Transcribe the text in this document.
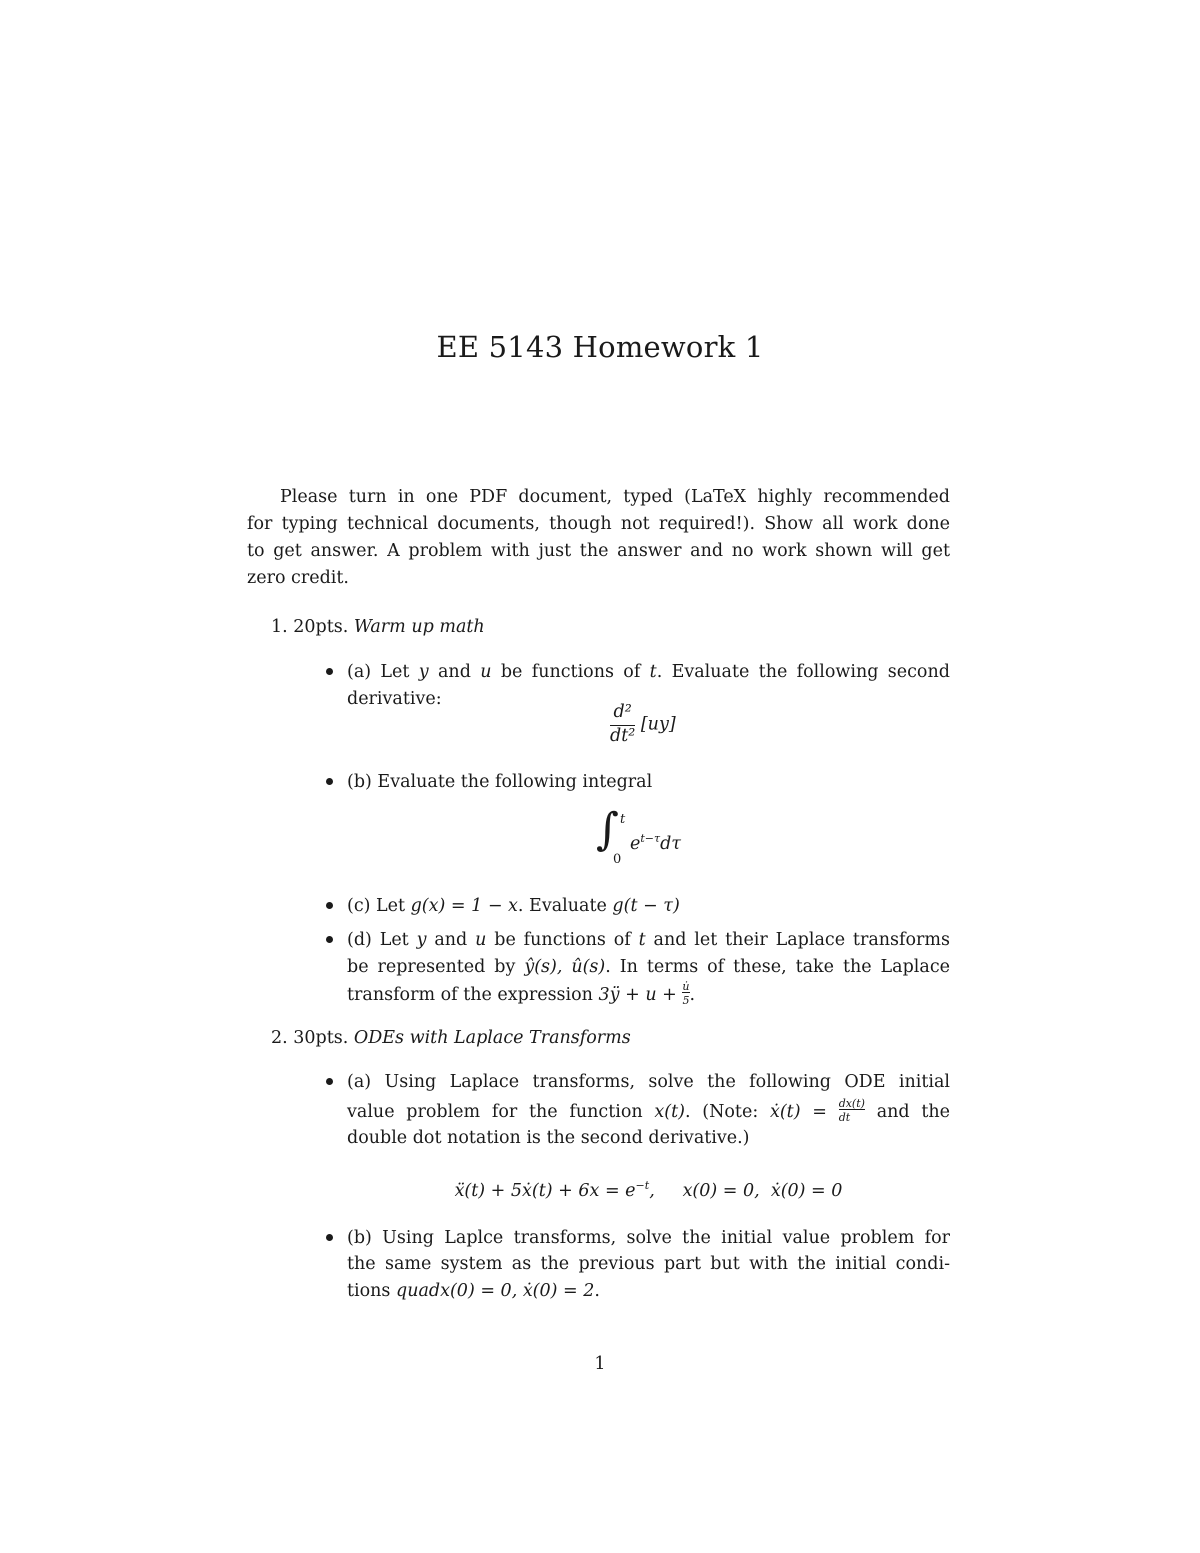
EE 5143 Homework 1
Please turn in one PDF document, typed (LaTeX highly recommended
for typing technical documents, though not required!). Show all work done
to get answer. A problem with just the answer and no work shown will get
zero credit.
1. 20pts. Warm up math
(a) Let y and u be functions of t. Evaluate the following second
derivative:
$\frac{\text{d²}}{\text{dt²}} [uy]$
(b) Evaluate the following integral
∫ t
0
$e^{t-\tau}d\tau$
(c) Let g(x) = 1 − x. Evaluate g(t − τ)
(d) Let y and u be functions of t and let their Laplace transforms
be represented by ŷ(s), û(s). In terms of these, take the Laplace
transform of the expression 3ÿ + $u + \frac{u̇}{5}$ .
2. 30pts. ODEs with Laplace Transforms
(a) Using Laplace transforms, solve the following ODE initial
value problem for the function x(t). (Note: ẋ(t) = $\frac{dx(t)}{dt}$ and the
double dot notation is the second derivative.)
ẍ(t) + 5ẋ(t) + $6x = e^{-t}$,     x(0) = 0,  ẋ(0) = 0
(b) Using Laplce transforms, solve the initial value problem for
the same system as the previous part but with the initial condi-
tions quadx(0) = 0, ẋ(0) = 2.
1
